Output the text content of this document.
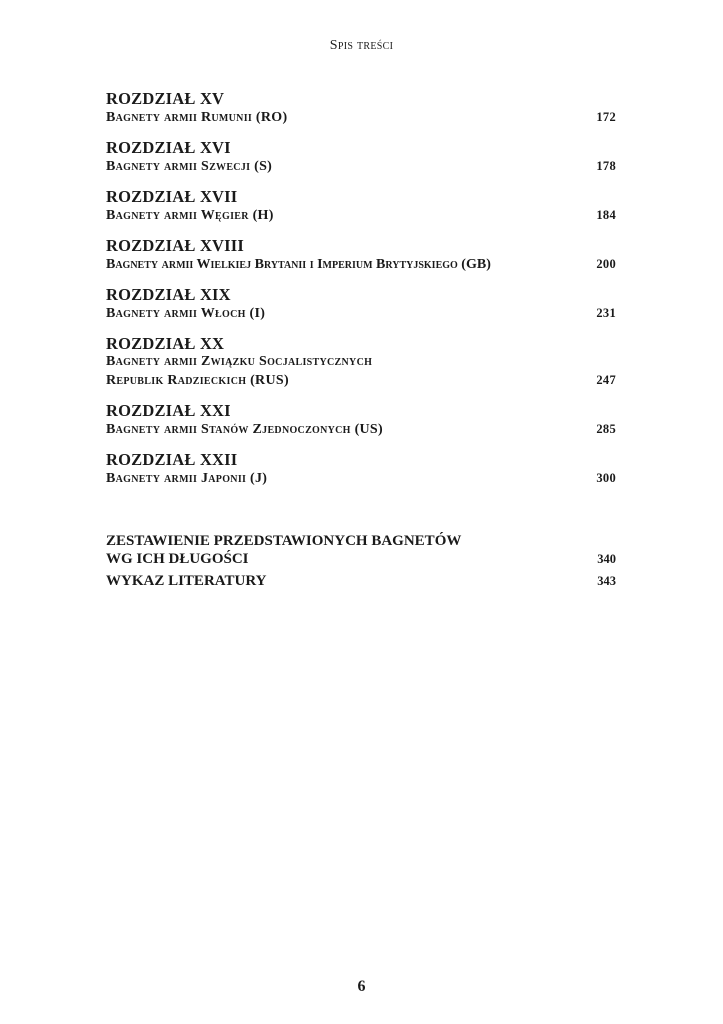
Spis treści
ROZDZIAŁ XV
Bagnety armii Rumunii (RO)	172
ROZDZIAŁ XVI
Bagnety armii Szwecji (S)	178
ROZDZIAŁ XVII
Bagnety armii Węgier (H)	184
ROZDZIAŁ XVIII
Bagnety armii Wielkiej Brytanii i Imperium Brytyjskiego (GB)	200
ROZDZIAŁ XIX
Bagnety armii Włoch (I)	231
ROZDZIAŁ XX
Bagnety armii Związku Socjalistycznych
Republik Radzieckich (RUS)	247
ROZDZIAŁ XXI
Bagnety armii Stanów Zjednoczonych (US)	285
ROZDZIAŁ XXII
Bagnety armii Japonii (J)	300
ZESTAWIENIE PRZEDSTAWIONYCH BAGNETÓW
WG ICH DŁUGOŚCI	340
WYKAZ LITERATURY	343
6
